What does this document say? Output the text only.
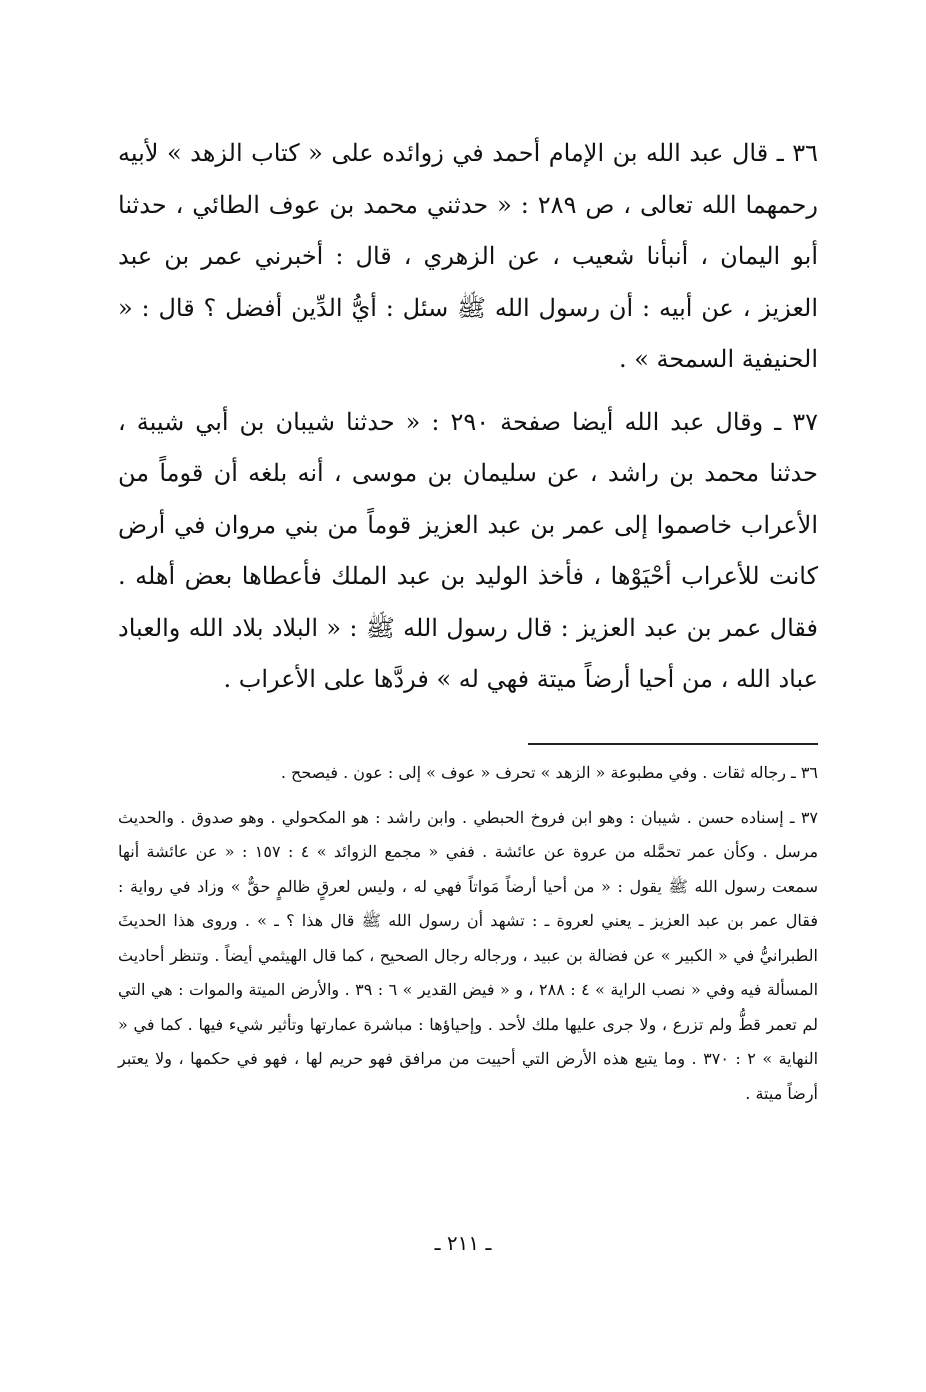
٣٦ ـ قال عبد الله بن الإمام أحمد في زوائده على « كتاب الزهد » لأبيه رحمهما الله تعالى ، ص ٢٨٩ : « حدثني محمد بن عوف الطائي ، حدثنا أبو اليمان ، أنبأنا شعيب ، عن الزهري ، قال : أخبرني عمر بن عبد العزيز ، عن أبيه : أن رسول الله ﷺ سئل : أيُّ الدِّين أفضل ؟ قال : « الحنيفية السمحة » .

٣٧ ـ وقال عبد الله أيضا صفحة ٢٩٠ : « حدثنا شيبان بن أبي شيبة ، حدثنا محمد بن راشد ، عن سليمان بن موسى ، أنه بلغه أن قوماً من الأعراب خاصموا إلى عمر بن عبد العزيز قوماً من بني مروان في أرض كانت للأعراب أحْيَوْها ، فأخذ الوليد بن عبد الملك فأعطاها بعض أهله . فقال عمر بن عبد العزيز : قال رسول الله ﷺ : « البلاد بلاد الله والعباد عباد الله ، من أحيا أرضاً ميتة فهي له » فردَّها على الأعراب .

٣٦ ـ رجاله ثقات . وفي مطبوعة « الزهد » تحرف « عوف » إلى : عون . فيصحح .

٣٧ ـ إسناده حسن . شيبان : وهو ابن فروخ الحبطي . وابن راشد : هو المكحولي . وهو صدوق . والحديث مرسل . وكأن عمر تحمَّله من عروة عن عائشة . ففي « مجمع الزوائد » ٤ : ١٥٧ : « عن عائشة أنها سمعت رسول الله ﷺ يقول : « من أحيا أرضاً مَواتاً فهي له ، وليس لعرقٍ ظالمٍ حقٌّ » وزاد في رواية : فقال عمر بن عبد العزيز ـ يعني لعروة ـ : تشهد أن رسول الله ﷺ قال هذا ؟ ـ » . وروى هذا الحديثَ الطبرانيُّ في « الكبير » عن فضالة بن عبيد ، ورجاله رجال الصحيح ، كما قال الهيثمي أيضاً . وتنظر أحاديث المسألة فيه وفي « نصب الراية » ٤ : ٢٨٨ ، و « فيض القدير » ٦ : ٣٩ . والأرض الميتة والموات : هي التي لم تعمر قطُّ ولم تزرع ، ولا جرى عليها ملك لأحد . وإحياؤها : مباشرة عمارتها وتأثير شيء فيها . كما في « النهاية » ٢ : ٣٧٠ . وما يتبع هذه الأرض التي أحييت من مرافق فهو حريم لها ، فهو في حكمها ، ولا يعتبر أرضاً ميتة .

ـ ٢١١ ـ
